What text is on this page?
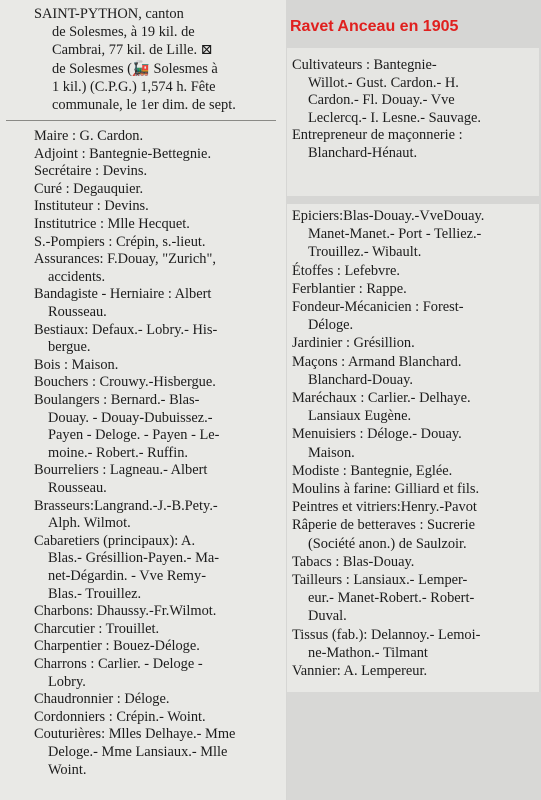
Ravet Anceau en 1905
SAINT-PYTHON, canton
de Solesmes, à 19 kil. de
Cambrai, 77 kil. de Lille. ⊠
de Solesmes (🚂 Solesmes à
1 kil.) (C.P.G.) 1,574 h. Fête
communale, le 1er dim. de sept.
Maire : G. Cardon.
Adjoint : Bantegnie-Bettegnie.
Secrétaire : Devins.
Curé : Degauquier.
Instituteur : Devins.
Institutrice : Mlle Hecquet.
S.-Pompiers : Crépin, s.-lieut.
Assurances: F.Douay, "Zurich",
accidents.
Bandagiste - Herniaire : Albert
Rousseau.
Bestiaux: Defaux.- Lobry.- His-
bergue.
Bois : Maison.
Bouchers : Crouwy.-Hisbergue.
Boulangers : Bernard.- Blas-
Douay. - Douay-Dubuissez.-
Payen - Deloge. - Payen - Le-
moine.- Robert.- Ruffin.
Bourreliers : Lagneau.- Albert
Rousseau.
Brasseurs:Langrand.-J.-B.Pety.-
Alph. Wilmot.
Cabaretiers (principaux): A.
Blas.- Grésillion-Payen.- Ma-
net-Dégardin. - Vve Remy-
Blas.- Trouillez.
Charbons: Dhaussy.-Fr.Wilmot.
Charcutier : Trouillet.
Charpentier : Bouez-Déloge.
Charrons : Carlier. - Deloge -
Lobry.
Chaudronnier : Déloge.
Cordonniers : Crépin.- Woint.
Couturières: Mlles Delhaye.- Mme
Deloge.- Mme Lansiaux.- Mlle
Woint.
Cultivateurs : Bantegnie-
Willot.- Gust. Cardon.- H.
Cardon.- Fl. Douay.- Vve
Leclercq.- I. Lesne.- Sauvage.
Entrepreneur de maçonnerie :
Blanchard-Hénaut.
Epiciers:Blas-Douay.-VveDouay.
Manet-Manet.- Port - Telliez.-
Trouillez.- Wibault.
Étoffes : Lefebvre.
Ferblantier : Rappe.
Fondeur-Mécanicien : Forest-
Déloge.
Jardinier : Grésillion.
Maçons : Armand Blanchard.
Blanchard-Douay.
Maréchaux : Carlier.- Delhaye.
Lansiaux Eugène.
Menuisiers : Déloge.- Douay.
Maison.
Modiste : Bantegnie, Eglée.
Moulins à farine: Gilliard et fils.
Peintres et vitriers:Henry.-Pavot
Râperie de betteraves : Sucrerie
(Société anon.) de Saulzoir.
Tabacs : Blas-Douay.
Tailleurs : Lansiaux.- Lemper-
eur.- Manet-Robert.- Robert-
Duval.
Tissus (fab.): Delannoy.- Lemoi-
ne-Mathon.- Tilmant
Vannier: A. Lempereur.
